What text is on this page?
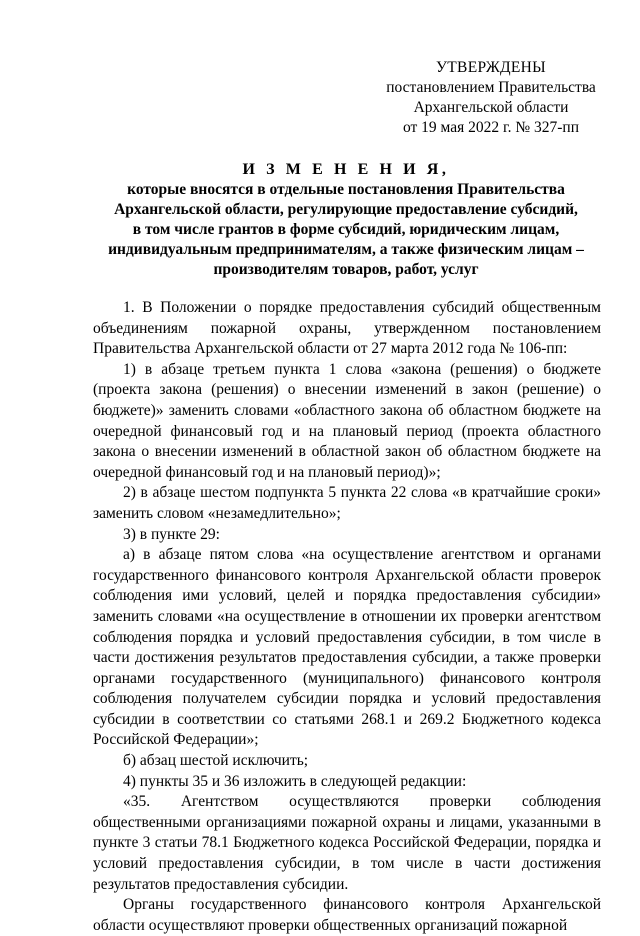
УТВЕРЖДЕНЫ
постановлением Правительства
Архангельской области
от 19 мая 2022 г. № 327-пп
И З М Е Н Е Н И Я,
которые вносятся в отдельные постановления Правительства
Архангельской области, регулирующие предоставление субсидий,
в том числе грантов в форме субсидий, юридическим лицам,
индивидуальным предпринимателям, а также физическим лицам –
производителям товаров, работ, услуг

1. В Положении о порядке предоставления субсидий общественным объединениям пожарной охраны, утвержденном постановлением Правительства Архангельской области от 27 марта 2012 года № 106-пп:

1) в абзаце третьем пункта 1 слова «закона (решения) о бюджете (проекта закона (решения) о внесении изменений в закон (решение) о бюджете)» заменить словами «областного закона об областном бюджете на очередной финансовый год и на плановый период (проекта областного закона о внесении изменений в областной закон об областном бюджете на очередной финансовый год и на плановый период)»;

2) в абзаце шестом подпункта 5 пункта 22 слова «в кратчайшие сроки» заменить словом «незамедлительно»;

3) в пункте 29:

а) в абзаце пятом слова «на осуществление агентством и органами государственного финансового контроля Архангельской области проверок соблюдения ими условий, целей и порядка предоставления субсидии» заменить словами «на осуществление в отношении их проверки агентством соблюдения порядка и условий предоставления субсидии, в том числе в части достижения результатов предоставления субсидии, а также проверки органами государственного (муниципального) финансового контроля соблюдения получателем субсидии порядка и условий предоставления субсидии в соответствии со статьями 268.1 и 269.2 Бюджетного кодекса Российской Федерации»;

б) абзац шестой исключить;

4) пункты 35 и 36 изложить в следующей редакции:

«35. Агентством осуществляются проверки соблюдения общественными организациями пожарной охраны и лицами, указанными в пункте 3 статьи 78.1 Бюджетного кодекса Российской Федерации, порядка и условий предоставления субсидии, в том числе в части достижения результатов предоставления субсидии.

Органы государственного финансового контроля Архангельской области осуществляют проверки общественных организаций пожарной
